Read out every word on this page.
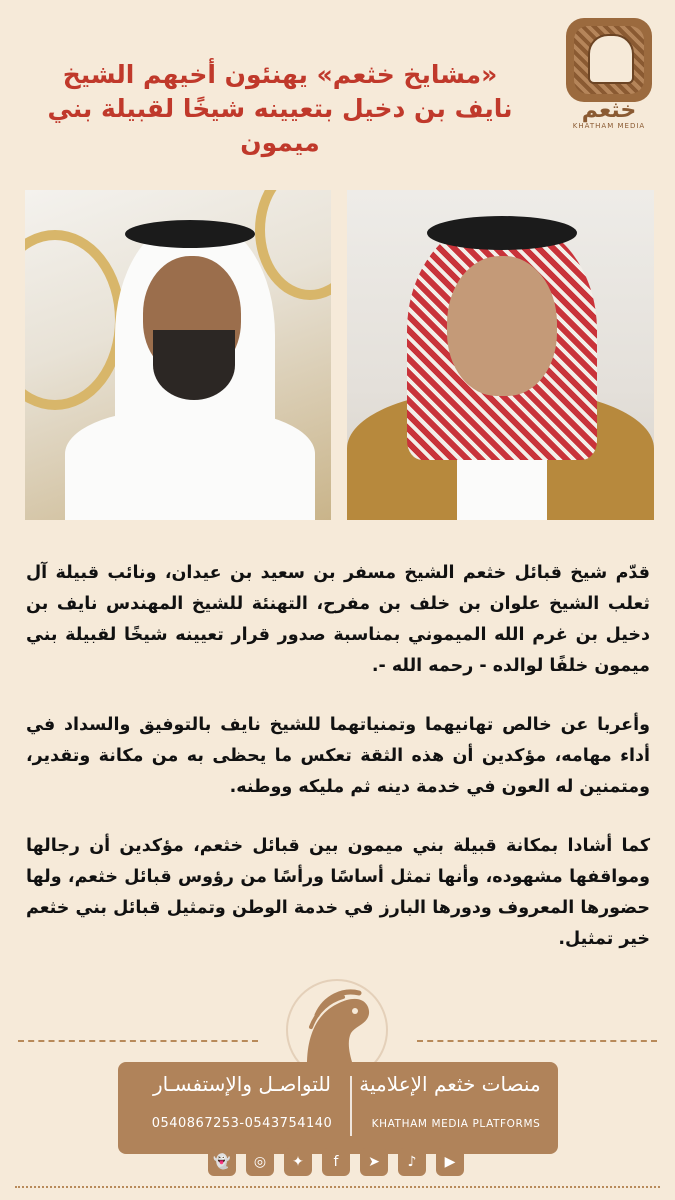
خثعم
KHATHAM MEDIA
«مشايخ خثعم» يهنئون أخيهم الشيخ
نايف بن دخيل بتعيينه شيخًا لقبيلة بني ميمون

قدّم شيخ قبائل خثعم الشيخ مسفر بن سعيد بن عيدان، ونائب قبيلة آل ثعلب الشيخ علوان بن خلف بن مفرح، التهنئة للشيخ المهندس نايف بن دخيل بن غرم الله الميموني بمناسبة صدور قرار تعيينه شيخًا لقبيلة بني ميمون خلفًا لوالده - رحمه الله -.

وأعربا عن خالص تهانيهما وتمنياتهما للشيخ نايف بالتوفيق والسداد في أداء مهامه، مؤكدين أن هذه الثقة تعكس ما يحظى به من مكانة وتقدير، ومتمنين له العون في خدمة دينه ثم مليكه ووطنه.

كما أشادا بمكانة قبيلة بني ميمون بين قبائل خثعم، مؤكدين أن رجالها ومواقفها مشهوده، وأنها تمثل أساسًا ورأسًا من رؤوس قبائل خثعم، ولها حضورها المعروف ودورها البارز في خدمة الوطن وتمثيل قبائل بني خثعم خير تمثيل.

للتواصـل والإستفسـار	منصات خثعم الإعلامية
0540867253-0543754140	KHATHAM MEDIA PLATFORMS
👻	◎	✦	f	➤	♪	▶
